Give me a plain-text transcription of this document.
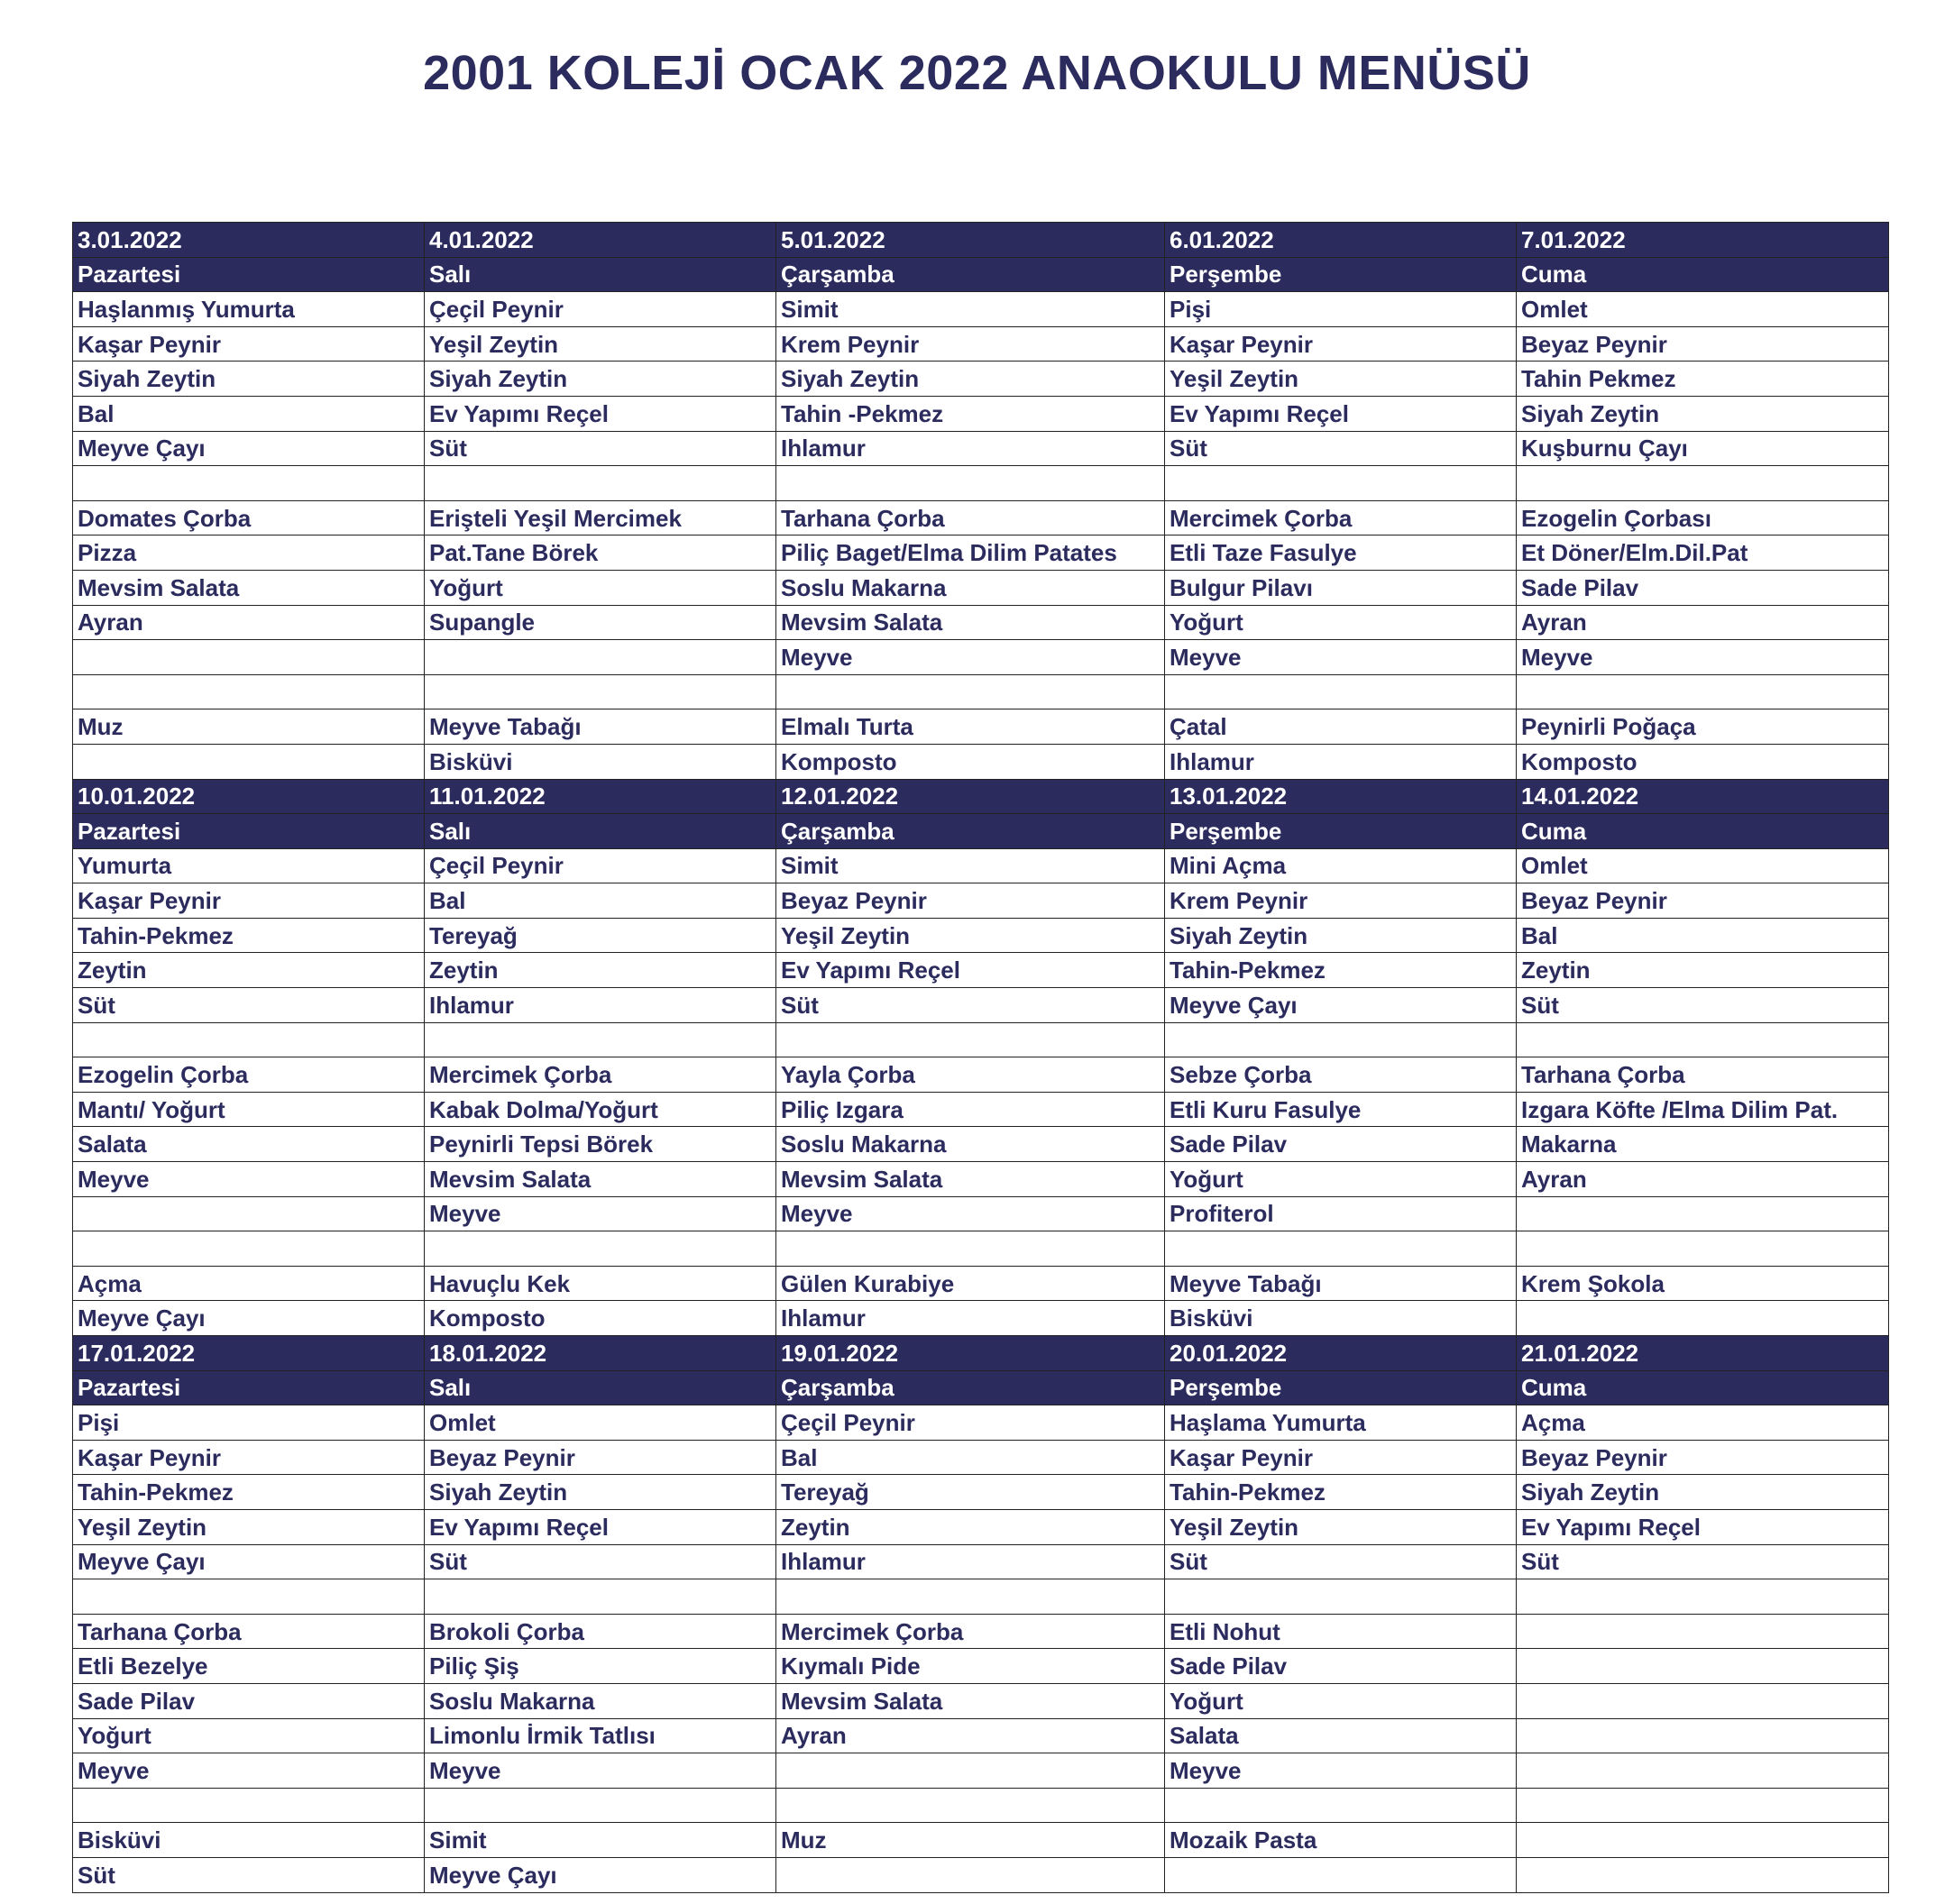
2001 KOLEJİ OCAK 2022 ANAOKULU MENÜSÜ
3.01.2022	4.01.2022	5.01.2022	6.01.2022	7.01.2022
Pazartesi	Salı	Çarşamba	Perşembe	Cuma
Haşlanmış Yumurta	Çeçil Peynir	Simit	Pişi	Omlet
Kaşar Peynir	Yeşil Zeytin	Krem Peynir	Kaşar Peynir	Beyaz Peynir
Siyah Zeytin	Siyah Zeytin	Siyah Zeytin	Yeşil Zeytin	Tahin Pekmez
Bal	Ev Yapımı Reçel	Tahin -Pekmez	Ev Yapımı Reçel	Siyah Zeytin
Meyve Çayı	Süt	Ihlamur	Süt	Kuşburnu Çayı

Domates Çorba	Erişteli Yeşil Mercimek	Tarhana Çorba	Mercimek Çorba	Ezogelin Çorbası
Pizza	Pat.Tane Börek	Piliç Baget/Elma Dilim Patates	Etli Taze Fasulye	Et Döner/Elm.Dil.Pat
Mevsim Salata	Yoğurt	Soslu Makarna	Bulgur Pilavı	Sade Pilav
Ayran	Supangle	Mevsim Salata	Yoğurt	Ayran
		Meyve	Meyve	Meyve

Muz	Meyve Tabağı	Elmalı Turta	Çatal	Peynirli Poğaça
	Bisküvi	Komposto	Ihlamur	Komposto
10.01.2022	11.01.2022	12.01.2022	13.01.2022	14.01.2022
Pazartesi	Salı	Çarşamba	Perşembe	Cuma
Yumurta	Çeçil Peynir	Simit	Mini Açma	Omlet
Kaşar Peynir	Bal	Beyaz Peynir	Krem Peynir	Beyaz Peynir
Tahin-Pekmez	Tereyağ	Yeşil Zeytin	Siyah Zeytin	Bal
Zeytin	Zeytin	Ev Yapımı Reçel	Tahin-Pekmez	Zeytin
Süt	Ihlamur	Süt	Meyve Çayı	Süt

Ezogelin Çorba	Mercimek Çorba	Yayla Çorba	Sebze Çorba	Tarhana Çorba
Mantı/ Yoğurt	Kabak Dolma/Yoğurt	Piliç Izgara	Etli Kuru Fasulye	Izgara Köfte /Elma Dilim Pat.
Salata	Peynirli Tepsi Börek	Soslu Makarna	Sade Pilav	Makarna
Meyve	Mevsim Salata	Mevsim Salata	Yoğurt	Ayran
	Meyve	Meyve	Profiterol	

Açma	Havuçlu Kek	Gülen Kurabiye	Meyve Tabağı	Krem Şokola
Meyve Çayı	Komposto	Ihlamur	Bisküvi	
17.01.2022	18.01.2022	19.01.2022	20.01.2022	21.01.2022
Pazartesi	Salı	Çarşamba	Perşembe	Cuma
Pişi	Omlet	Çeçil Peynir	Haşlama Yumurta	Açma
Kaşar Peynir	Beyaz Peynir	Bal	Kaşar Peynir	Beyaz Peynir
Tahin-Pekmez	Siyah Zeytin	Tereyağ	Tahin-Pekmez	Siyah Zeytin
Yeşil Zeytin	Ev Yapımı Reçel	Zeytin	Yeşil Zeytin	Ev Yapımı Reçel
Meyve Çayı	Süt	Ihlamur	Süt	Süt

Tarhana Çorba	Brokoli Çorba	Mercimek Çorba	Etli Nohut	
Etli Bezelye	Piliç Şiş	Kıymalı Pide	Sade Pilav	
Sade Pilav	Soslu Makarna	Mevsim Salata	Yoğurt	
Yoğurt	Limonlu İrmik Tatlısı	Ayran	Salata	
Meyve	Meyve		Meyve	

Bisküvi	Simit	Muz	Mozaik Pasta	
Süt	Meyve Çayı			
